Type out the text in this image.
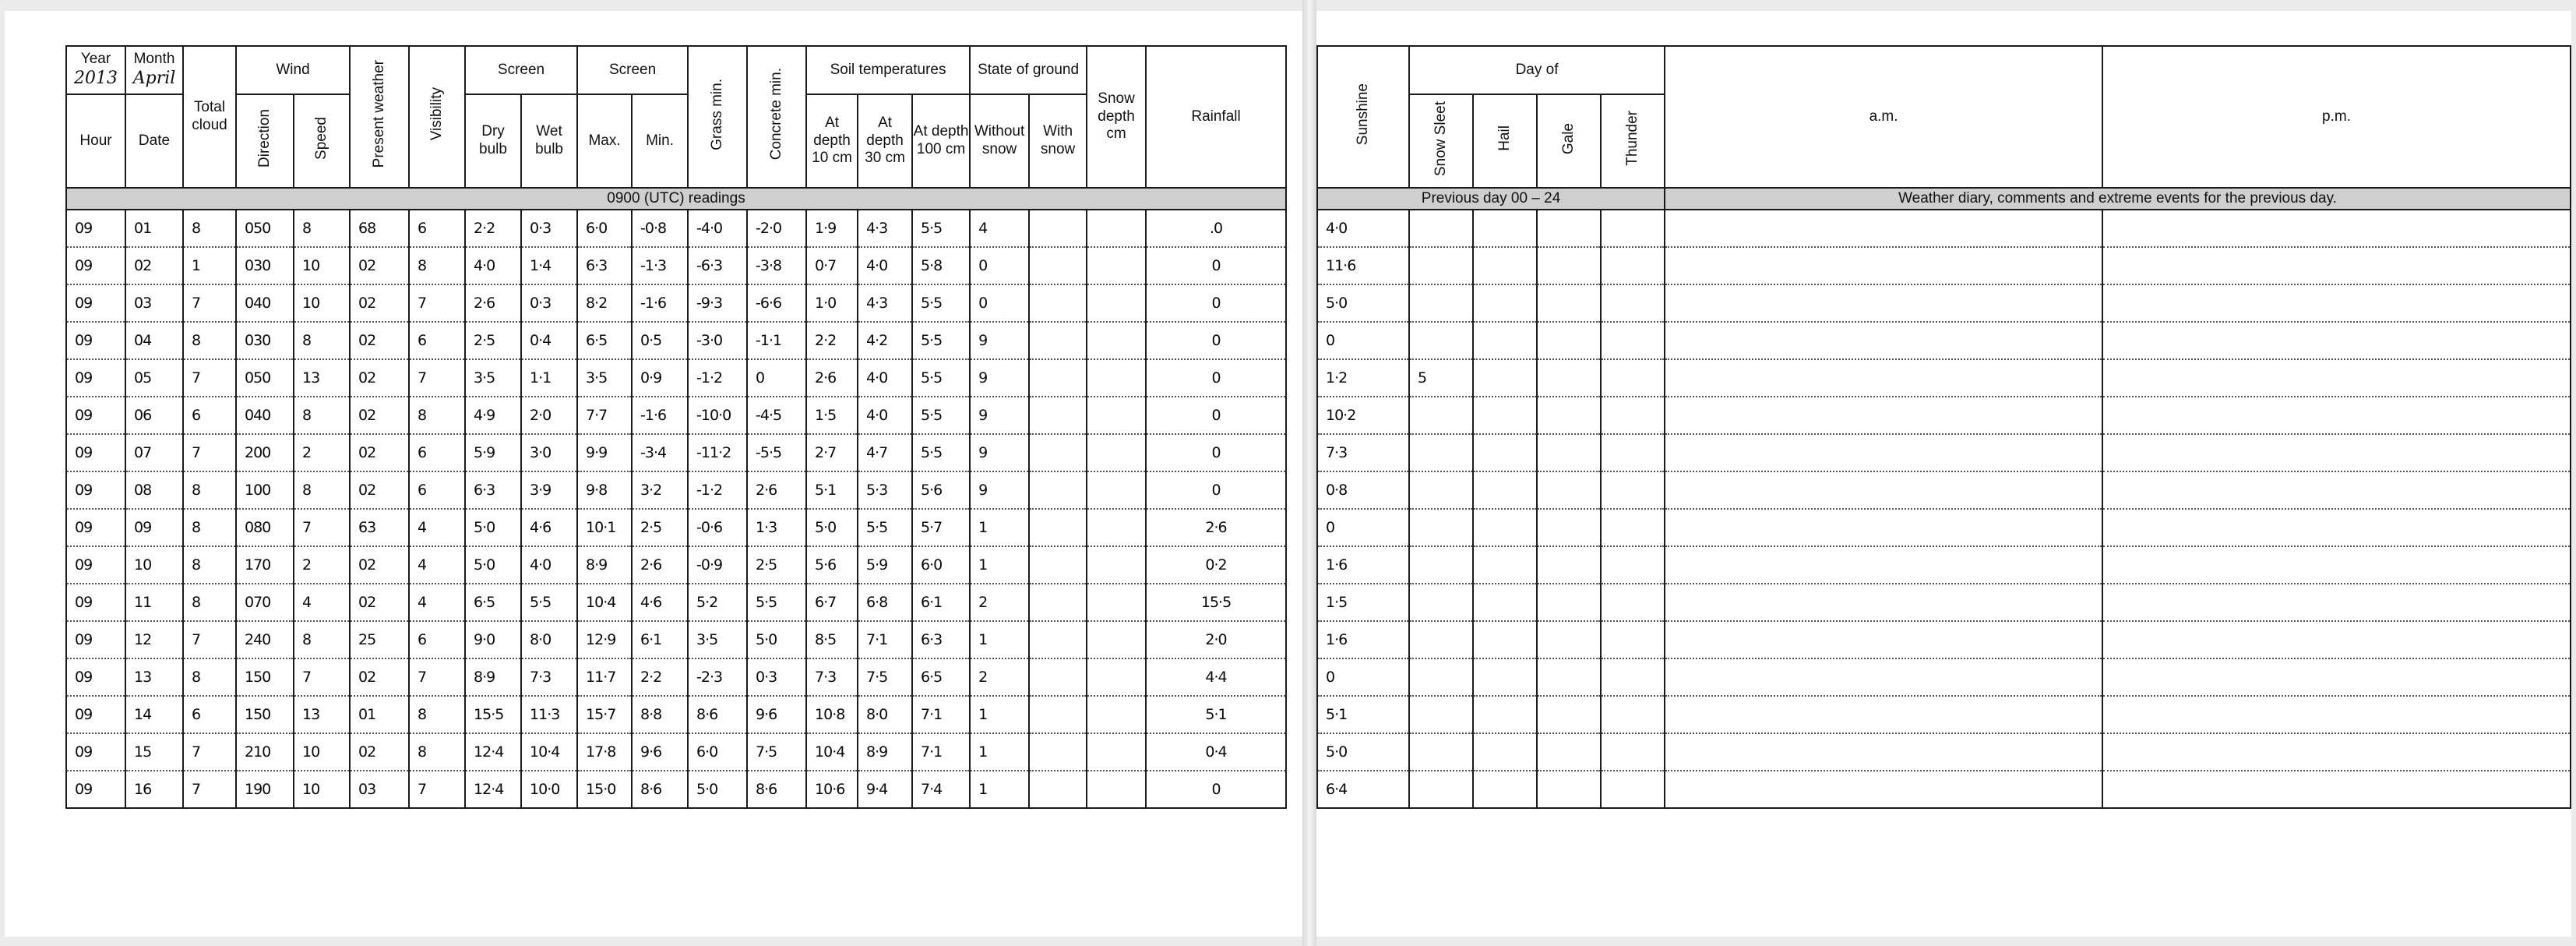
Year
2013	Month
April	Total cloud	Wind		Present weather	Visibility	Screen		Screen		Grass min.	Concrete min.	Soil temperatures			State of ground		Snow depth cm	Rainfall
Hour	Date		Direction	Speed			Dry bulb	Wet bulb	Max.	Min.			At depth 10 cm	At depth 30 cm	At depth 100 cm	Without snow	With snow		
0900 (UTC) readings																			
09	01	8	050	8	68	6	2·2	0·3	6·0	-0·8	-4·0	-2·0	1·9	4·3	5·5	4			.0
09	02	1	030	10	02	8	4·0	1·4	6·3	-1·3	-6·3	-3·8	0·7	4·0	5·8	0			0
09	03	7	040	10	02	7	2·6	0·3	8·2	-1·6	-9·3	-6·6	1·0	4·3	5·5	0			0
09	04	8	030	8	02	6	2·5	0·4	6·5	0·5	-3·0	-1·1	2·2	4·2	5·5	9			0
09	05	7	050	13	02	7	3·5	1·1	3·5	0·9	-1·2	0	2·6	4·0	5·5	9			0
09	06	6	040	8	02	8	4·9	2·0	7·7	-1·6	-10·0	-4·5	1·5	4·0	5·5	9			0
09	07	7	200	2	02	6	5·9	3·0	9·9	-3·4	-11·2	-5·5	2·7	4·7	5·5	9			0
09	08	8	100	8	02	6	6·3	3·9	9·8	3·2	-1·2	2·6	5·1	5·3	5·6	9			0
09	09	8	080	7	63	4	5·0	4·6	10·1	2·5	-0·6	1·3	5·0	5·5	5·7	1			2·6
09	10	8	170	2	02	4	5·0	4·0	8·9	2·6	-0·9	2·5	5·6	5·9	6·0	1			0·2
09	11	8	070	4	02	4	6·5	5·5	10·4	4·6	5·2	5·5	6·7	6·8	6·1	2			15·5
09	12	7	240	8	25	6	9·0	8·0	12·9	6·1	3·5	5·0	8·5	7·1	6·3	1			2·0
09	13	8	150	7	02	7	8·9	7·3	11·7	2·2	-2·3	0·3	7·3	7·5	6·5	2			4·4
09	14	6	150	13	01	8	15·5	11·3	15·7	8·8	8·6	9·6	10·8	8·0	7·1	1			5·1
09	15	7	210	10	02	8	12·4	10·4	17·8	9·6	6·0	7·5	10·4	8·9	7·1	1			0·4
09	16	7	190	10	03	7	12·4	10·0	15·0	8·6	5·0	8·6	10·6	9·4	7·4	1			0
Sunshine	Day of				a.m.	p.m.
	Snow Sleet	Hail	Gale	Thunder		
Previous day 00 – 24					Weather diary, comments and extreme events for the previous day.	
4·0						
11·6						
5·0						
0						
1·2	5					
10·2						
7·3						
0·8						
0						
1·6						
1·5						
1·6						
0						
5·1						
5·0						
6·4						
